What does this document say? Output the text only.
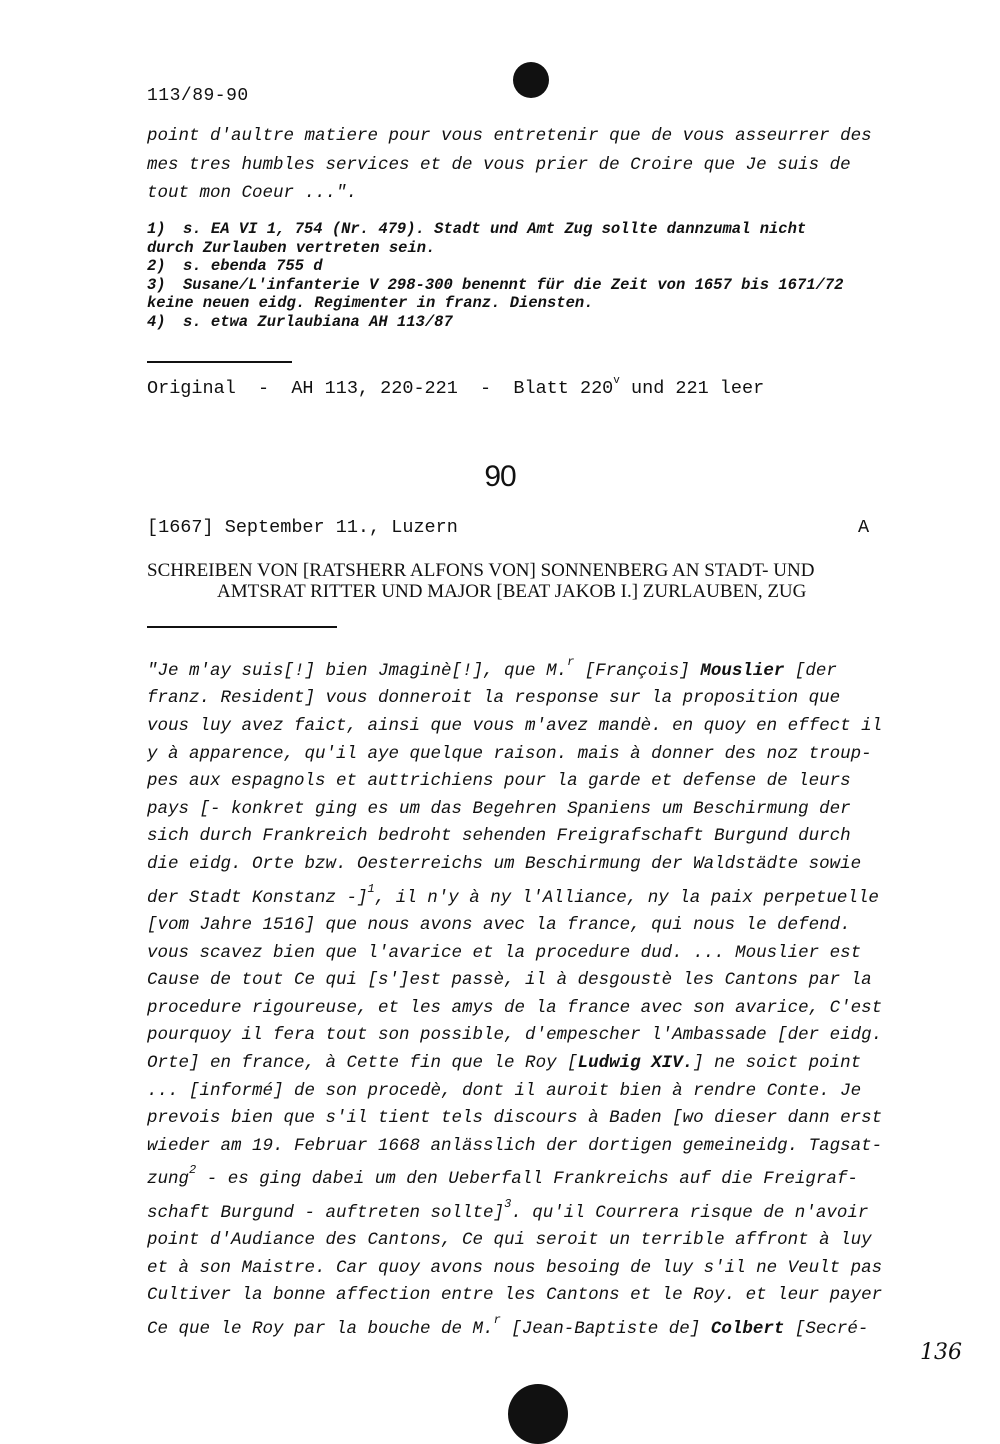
113/89-90

point d'aultre matiere pour vous entretenir que de vous asseurrer des

mes tres humbles services et de vous prier de Croire que Je suis de

tout mon Coeur ...".

1)	s. EA VI 1, 754 (Nr. 479). Stadt und Amt Zug sollte dannzumal nicht
durch Zurlauben vertreten sein.
2)	s. ebenda 755 d
3)	Susane/L'infanterie V 298-300 benennt für die Zeit von 1657 bis 1671/72
keine neuen eidg. Regimenter in franz. Diensten.
4)	s. etwa Zurlaubiana AH 113/87
Original  -  AH 113, 220-221  -  Blatt 220$^v$ und 221 leer
90
[1667] September 11., Luzern	A
SCHREIBEN VON [RATSHERR ALFONS VON] SONNENBERG AN STADT- UND
AMTSRAT RITTER UND MAJOR [BEAT JAKOB I.] ZURLAUBEN, ZUG

"Je m'ay suis[!] bien Jmaginè[!], que M.$^r$ [François] Mouslier [der

franz. Resident] vous donneroit la response sur la proposition que

vous luy avez faict, ainsi que vous m'avez mandè. en quoy en effect il

y à apparence, qu'il aye quelque raison. mais à donner des noz troup-

pes aux espagnols et auttrichiens pour la garde et defense de leurs

pays [- konkret ging es um das Begehren Spaniens um Beschirmung der

sich durch Frankreich bedroht sehenden Freigrafschaft Burgund durch

die eidg. Orte bzw. Oesterreichs um Beschirmung der Waldstädte sowie

der Stadt Konstanz -]$^1$, il n'y à ny l'Alliance, ny la paix perpetuelle

[vom Jahre 1516] que nous avons avec la france, qui nous le defend.

vous scavez bien que l'avarice et la procedure dud. ... Mouslier est

Cause de tout Ce qui [s']est passè, il à desgoustè les Cantons par la

procedure rigoureuse, et les amys de la france avec son avarice, C'est

pourquoy il fera tout son possible, d'empescher l'Ambassade [der eidg.

Orte] en france, à Cette fin que le Roy [Ludwig XIV.] ne soict point

... [informé] de son procedè, dont il auroit bien à rendre Conte. Je

prevois bien que s'il tient tels discours à Baden [wo dieser dann erst

wieder am 19. Februar 1668 anlässlich der dortigen gemeineidg. Tagsat-

zung$^2$ - es ging dabei um den Ueberfall Frankreichs auf die Freigraf-

schaft Burgund - auftreten sollte]$^3$. qu'il Courrera risque de n'avoir

point d'Audiance des Cantons, Ce qui seroit un terrible affront à luy

et à son Maistre. Car quoy avons nous besoing de luy s'il ne Veult pas

Cultiver la bonne affection entre les Cantons et le Roy. et leur payer

Ce que le Roy par la bouche de M.$^r$ [Jean-Baptiste de] Colbert [Secré-

136
